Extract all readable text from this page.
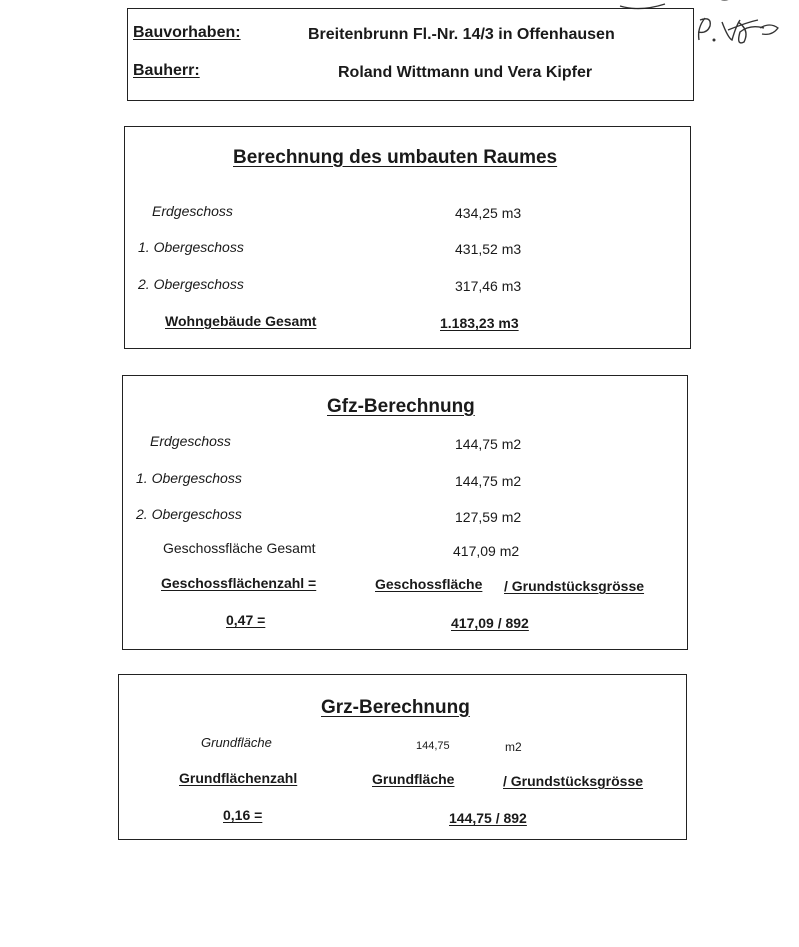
Bauvorhaben:	Breitenbrunn Fl.-Nr. 14/3 in Offenhausen
Bauherr:	Roland Wittmann und Vera Kipfer
Berechnung des umbauten Raumes
Erdgeschoss	434,25 m3
1. Obergeschoss	431,52 m3
2. Obergeschoss	317,46 m3
Wohngebäude Gesamt	1.183,23 m3
Gfz-Berechnung
Erdgeschoss	144,75 m2
1. Obergeschoss	144,75 m2
2. Obergeschoss	127,59 m2
Geschossfläche Gesamt	417,09 m2
Geschossflächenzahl =	Geschossfläche / Grundstücksgrösse
0,47 =	417,09 / 892
Grz-Berechnung
Grundfläche	144,75	m2
Grundflächenzahl	Grundfläche	/ Grundstücksgrösse
0,16 =	144,75 / 892
